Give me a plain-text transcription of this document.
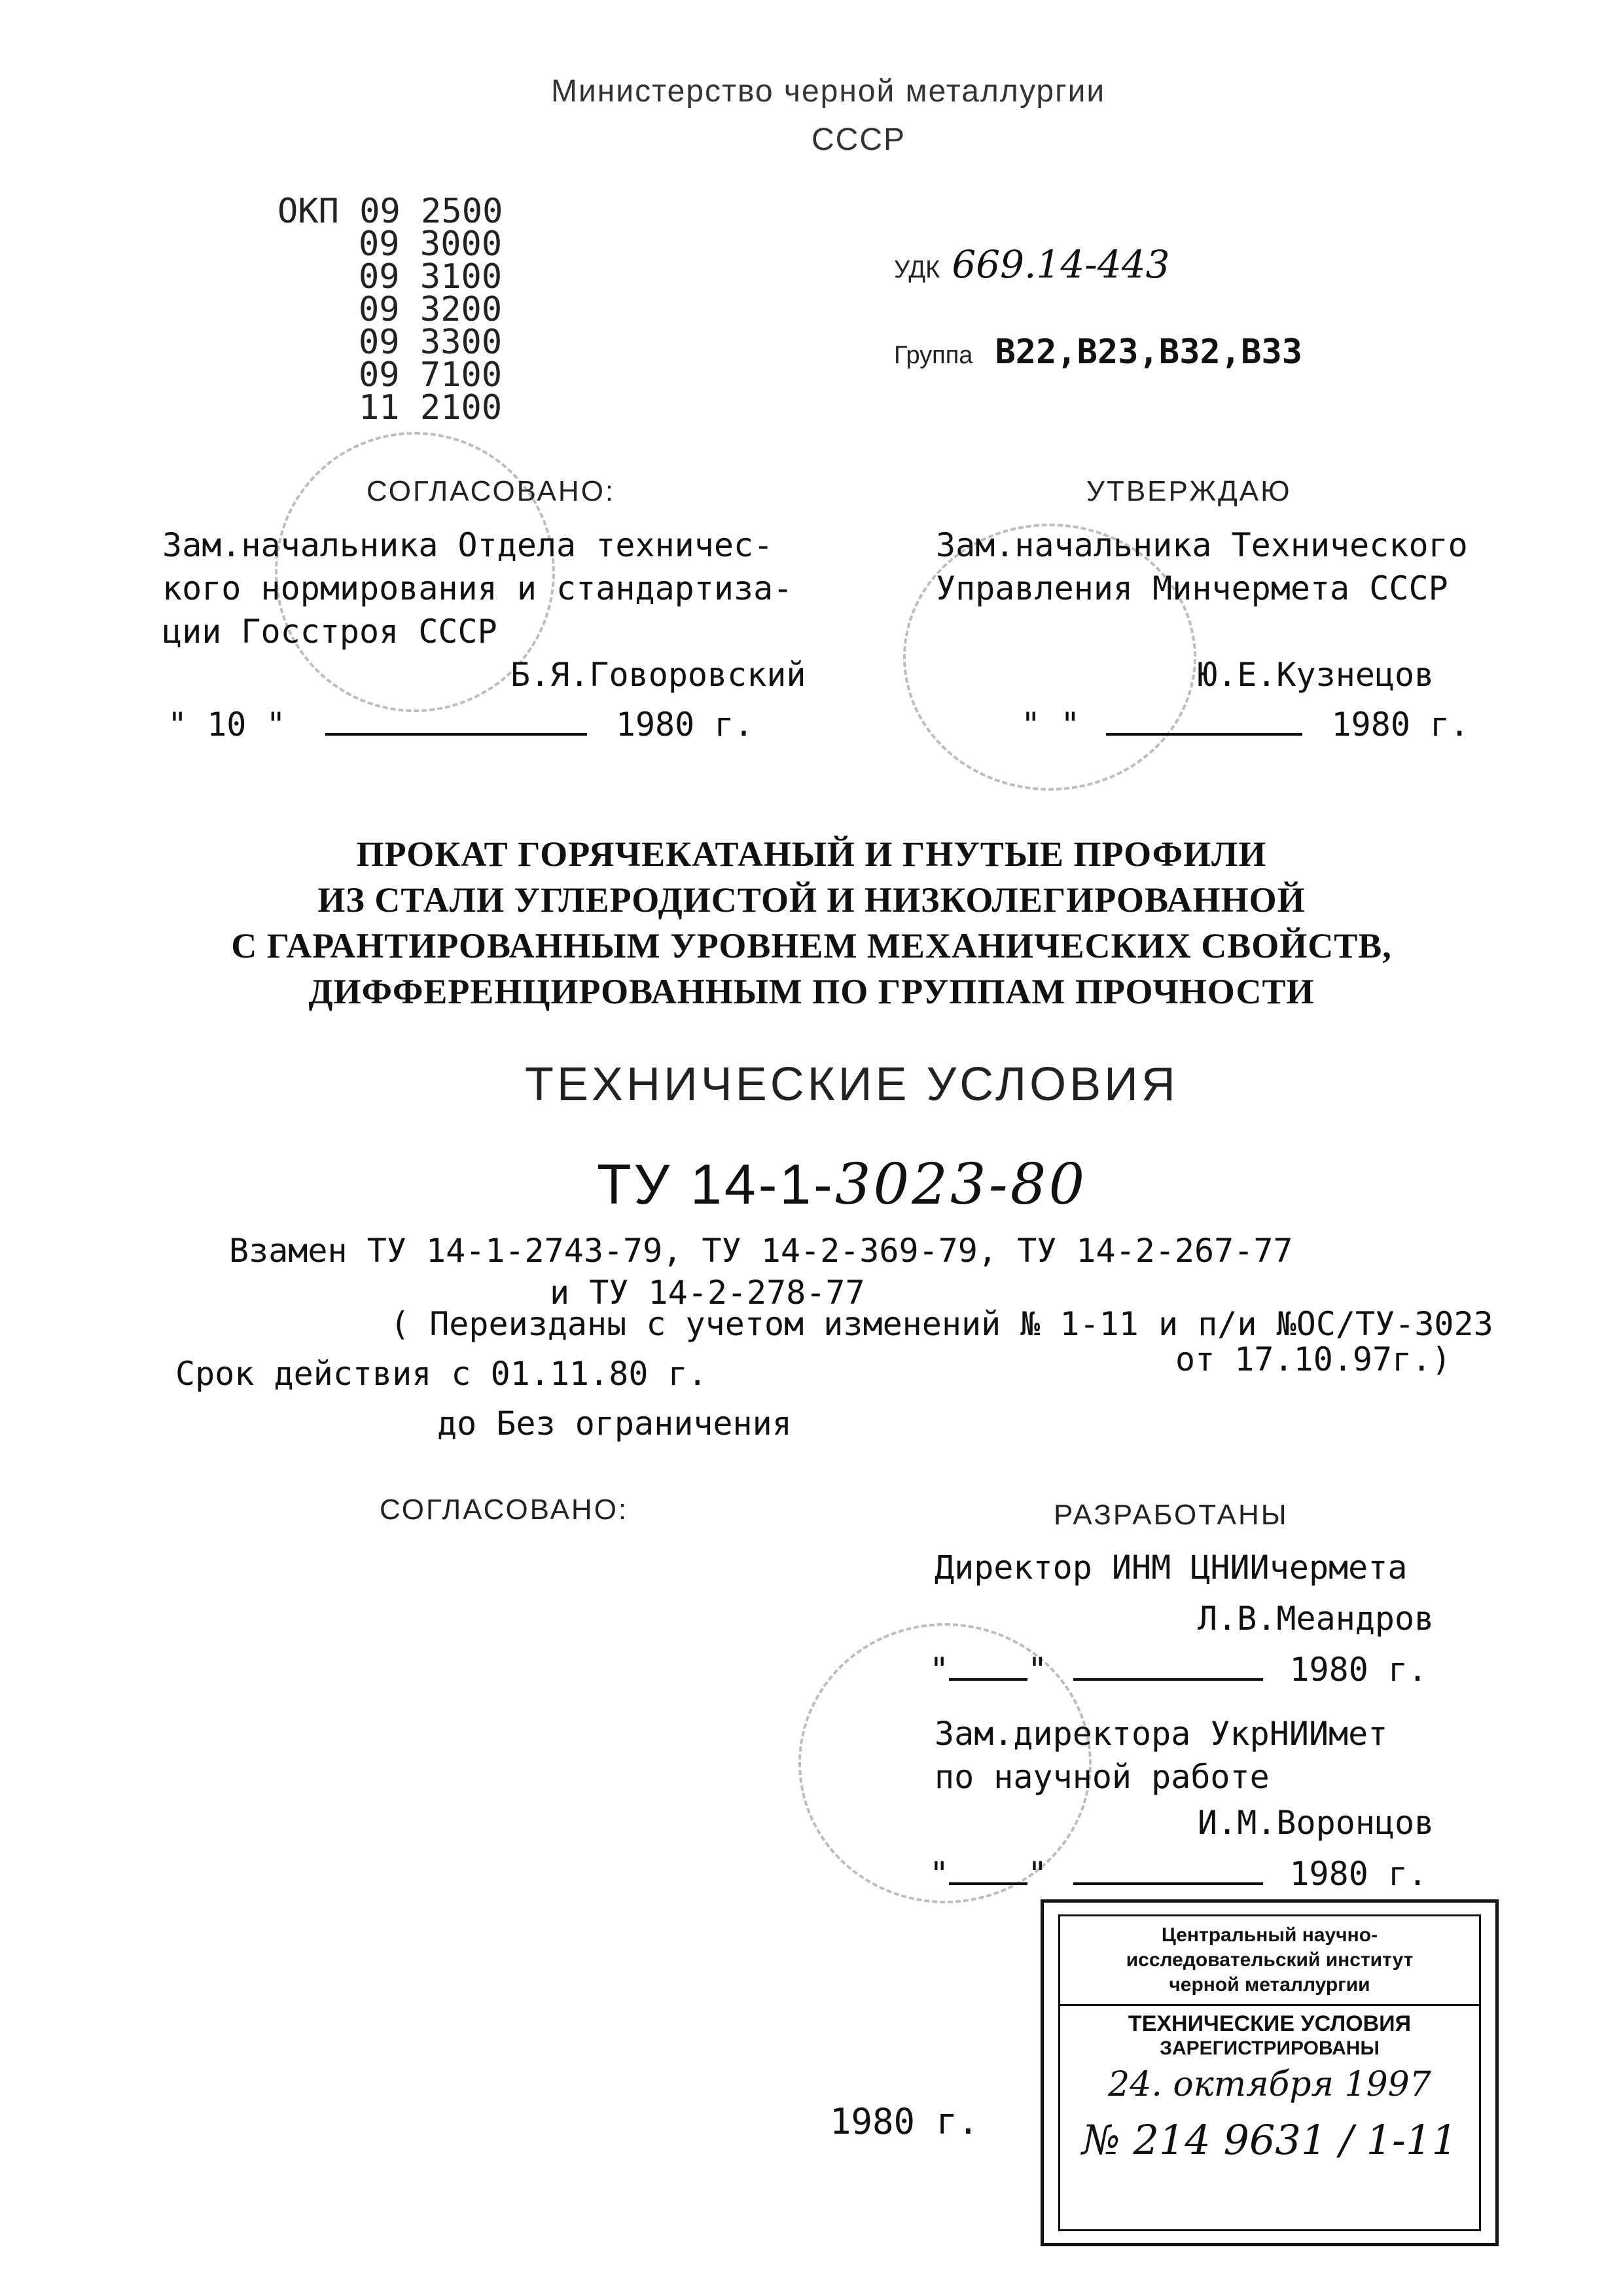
Министерство черной металлургии
СССР
ОКП 09 2500
09 3000
09 3100
09 3200
09 3300
09 7100
11 2100
УДК 669.14-443
Группа В22,В23,В32,В33
СОГЛАСОВАНО:
Зам.начальника Отдела техничес-
кого нормирования и стандартиза-
ции Госстроя СССР
Б.Я.Говоровский
" 10 "	1980 г.
УТВЕРЖДАЮ
Зам.начальника Технического
Управления Минчермета СССР
Ю.Е.Кузнецов
" "	1980 г.
ПРОКАТ ГОРЯЧЕКАТАНЫЙ И ГНУТЫЕ ПРОФИЛИ
ИЗ СТАЛИ УГЛЕРОДИСТОЙ И НИЗКОЛЕГИРОВАННОЙ
С ГАРАНТИРОВАННЫМ УРОВНЕМ МЕХАНИЧЕСКИХ СВОЙСТВ,
ДИФФЕРЕНЦИРОВАННЫМ ПО ГРУППАМ ПРОЧНОСТИ
ТЕХНИЧЕСКИЕ УСЛОВИЯ
ТУ 14-1-3023-80
Взамен ТУ 14-1-2743-79, ТУ 14-2-369-79, ТУ 14-2-267-77
и ТУ 14-2-278-77
( Переизданы с учетом изменений № 1-11 и п/и №ОС/ТУ-3023
от 17.10.97г.)
Срок действия с 01.11.80 г.
до Без ограничения
СОГЛАСОВАНО:	РАЗРАБОТАНЫ
Директор ИНМ ЦНИИчермета
Л.В.Меандров
" "	1980 г.
Зам.директора УкрНИИмет
по научной работе
И.М.Воронцов
" "	1980 г.
Центральный научно-
исследовательский институт
черной металлургии
ТЕХНИЧЕСКИЕ УСЛОВИЯ
ЗАРЕГИСТРИРОВАНЫ
24. октября 1997
№ 214 9631 / 1-11
1980 г.
